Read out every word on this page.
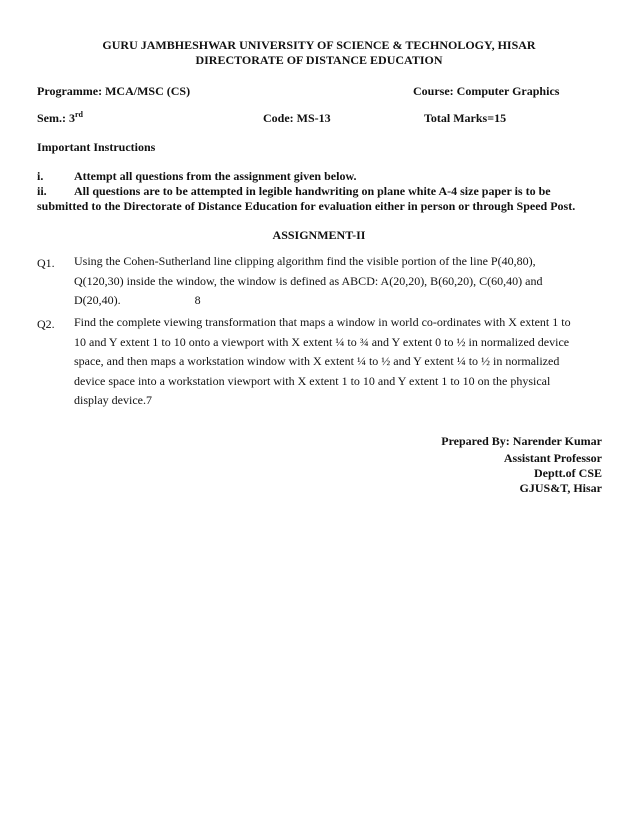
GURU JAMBHESHWAR UNIVERSITY OF SCIENCE & TECHNOLOGY, HISAR
DIRECTORATE OF DISTANCE EDUCATION
Programme: MCA/MSC (CS)	Course: Computer Graphics
Sem.: 3rd	Code: MS-13	Total Marks=15
Important Instructions
i.	Attempt all questions from the assignment given below.
ii. All questions are to be attempted in legible handwriting on plane white A-4 size paper is to be
submitted to the Directorate of Distance Education for evaluation either in person or through Speed Post.
ASSIGNMENT-II
Q1. Using the Cohen-Sutherland line clipping algorithm find the visible portion of the line P(40,80),
Q(120,30) inside the window, the window is defined as ABCD: A(20,20), B(60,20), C(60,40) and
D(20,40).	8
Q2. Find the complete viewing transformation that maps a window in world co-ordinates with X extent 1 to
10 and Y extent 1 to 10 onto a viewport with X extent ¼ to ¾ and Y extent 0 to ½ in normalized device
space, and then maps a workstation window with X extent ¼ to ½ and Y extent ¼ to ½ in normalized
device space into a workstation viewport with X extent 1 to 10 and Y extent 1 to 10 on the physical
display device.7
Prepared By: Narender Kumar
Assistant Professor
Deptt.of CSE
GJUS&T, Hisar
